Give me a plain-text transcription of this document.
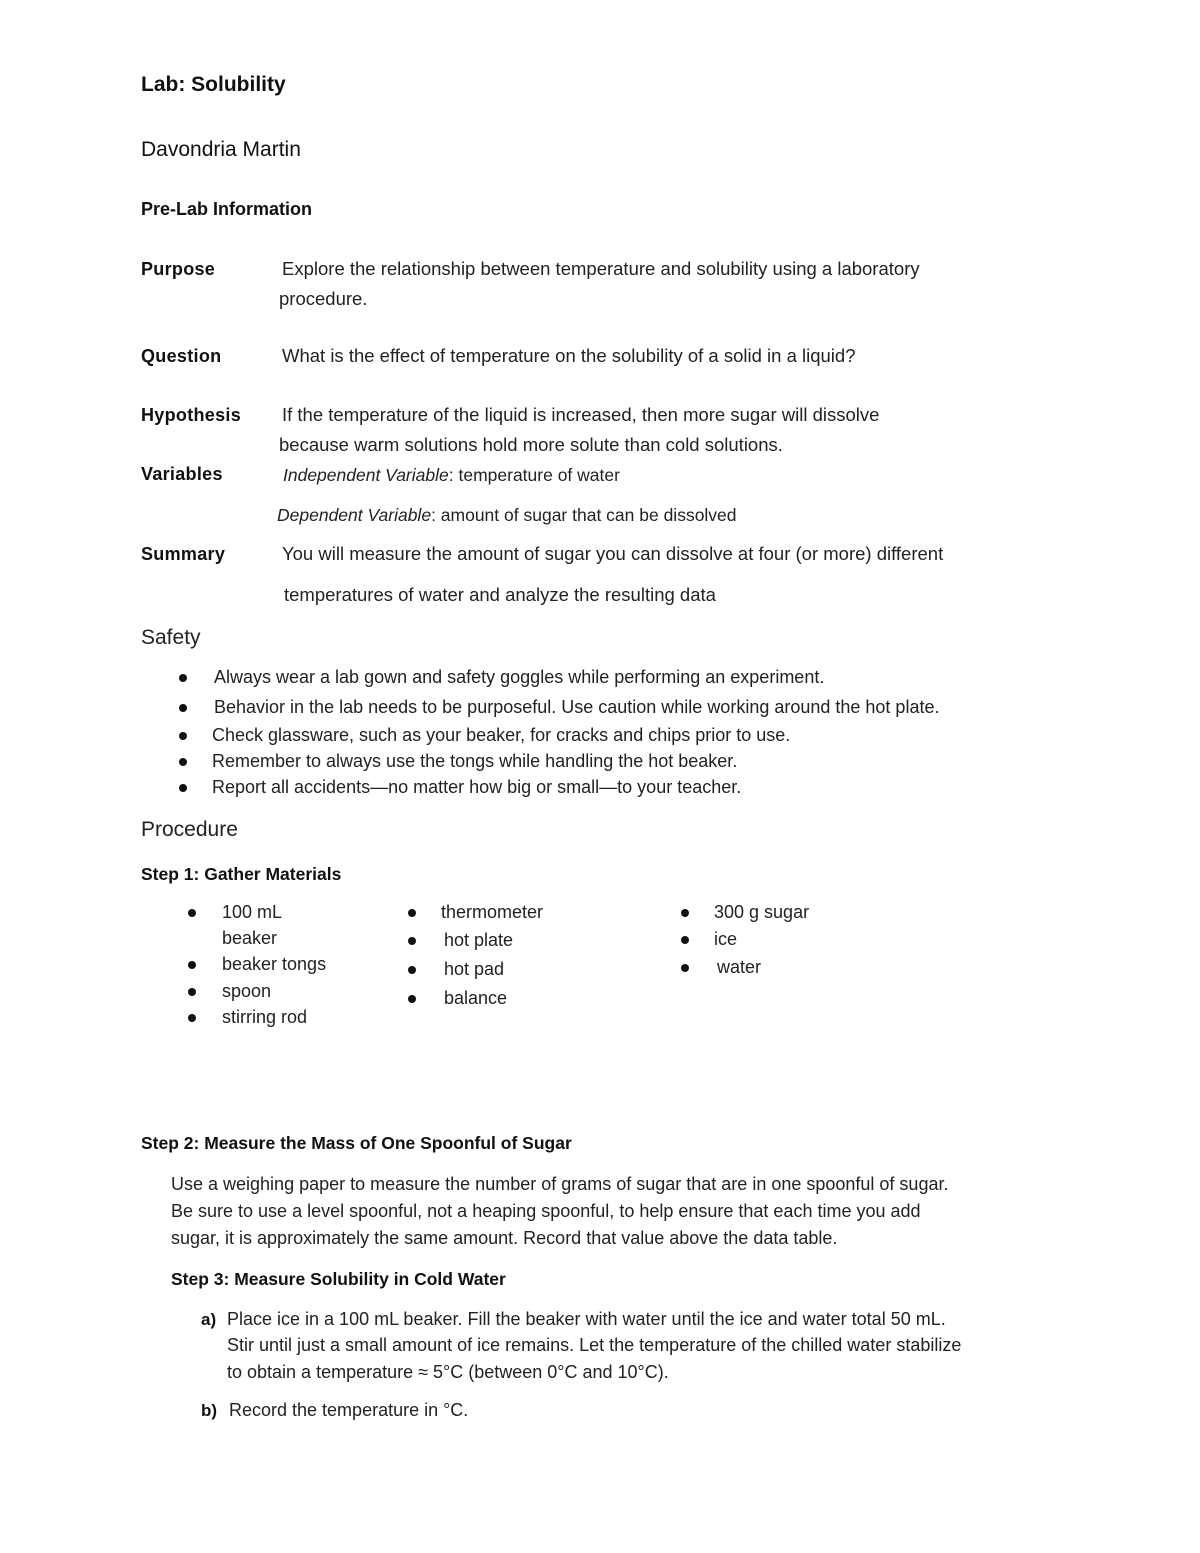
Lab: Solubility
Davondria Martin
Pre-Lab Information
Purpose	Explore the relationship between temperature and solubility using a laboratory
procedure.
Question	What is the effect of temperature on the solubility of a solid in a liquid?
Hypothesis If the temperature of the liquid is increased, then more sugar will dissolve
because warm solutions hold more solute than cold solutions.
Variables	Independent Variable: temperature of water
Dependent Variable: amount of sugar that can be dissolved
Summary	You will measure the amount of sugar you can dissolve at four (or more) different
temperatures of water and analyze the resulting data
Safety
Always wear a lab gown and safety goggles while performing an experiment.
Behavior in the lab needs to be purposeful. Use caution while working around the hot plate.
Check glassware, such as your beaker, for cracks and chips prior to use.
Remember to always use the tongs while handling the hot beaker.
Report all accidents—no matter how big or small—to your teacher.
Procedure
Step 1: Gather Materials
100 mL
beaker
beaker tongs
spoon
stirring rod
thermometer
hot plate
hot pad
balance
300 g sugar
ice
water
Step 2: Measure the Mass of One Spoonful of Sugar
Use a weighing paper to measure the number of grams of sugar that are in one spoonful of sugar.
Be sure to use a level spoonful, not a heaping spoonful, to help ensure that each time you add
sugar, it is approximately the same amount. Record that value above the data table.
Step 3: Measure Solubility in Cold Water
a) Place ice in a 100 mL beaker. Fill the beaker with water until the ice and water total 50 mL.
Stir until just a small amount of ice remains. Let the temperature of the chilled water stabilize
to obtain a temperature ≈ 5°C (between 0°C and 10°C).
b) Record the temperature in °C.
